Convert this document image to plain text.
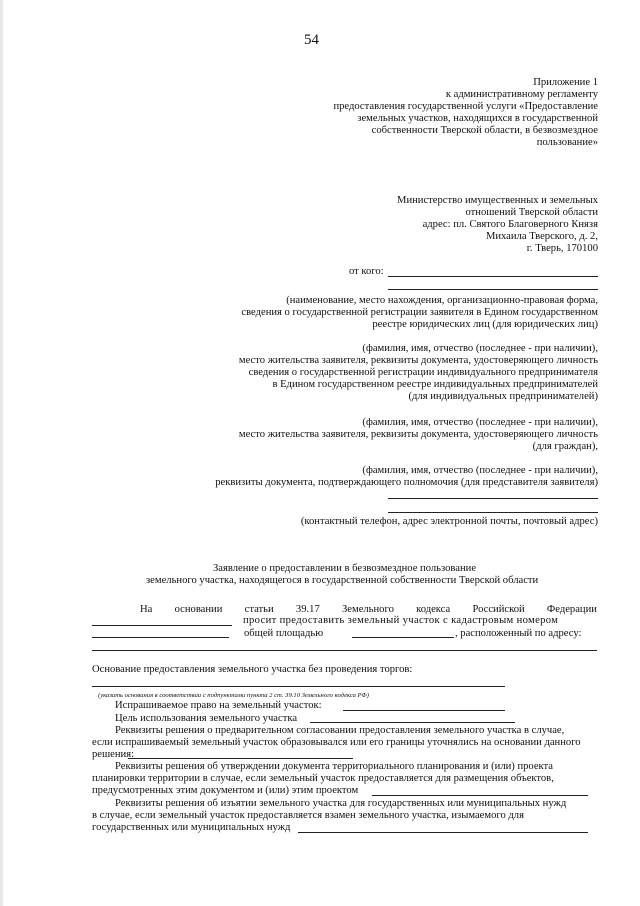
54
Приложение 1
к административному регламенту
предоставления государственной услуги «Предоставление
земельных участков, находящихся в государственной
собственности Тверской области, в безвозмездное
пользование»
Министерство имущественных и земельных
отношений Тверской области
адрес: пл. Святого Благоверного Князя
Михаила Тверского, д. 2,
г. Тверь, 170100
от кого:
(наименование, место нахождения, организационно-правовая форма,
сведения о государственной регистрации заявителя в Едином государственном
реестре юридических лиц (для юридических лиц)
(фамилия, имя, отчество (последнее - при наличии),
место жительства заявителя, реквизиты документа, удостоверяющего личность
сведения о государственной регистрации индивидуального предпринимателя
в Едином государственном реестре индивидуальных предпринимателей
(для индивидуальных предпринимателей)
(фамилия, имя, отчество (последнее - при наличии),
место жительства заявителя, реквизиты документа, удостоверяющего личность
(для граждан),
(фамилия, имя, отчество (последнее - при наличии),
реквизиты документа, подтверждающего полномочия (для представителя заявителя)
(контактный телефон, адрес электронной почты, почтовый адрес)
Заявление о предоставлении в безвозмездное пользование
земельного участка, находящегося в государственной собственности Тверской области
На основании статьи 39.17 Земельного кодекса Российской Федерации
просит предоставить земельный участок с кадастровым номером
общей площадью	, расположенный по адресу:
Основание предоставления земельного участка без проведения торгов:
(указать основания в соответствии с подпунктами пункта 2 ст. 39.10 Земельного кодекса РФ)
Испрашиваемое право на земельный участок:
Цель использования земельного участка
Реквизиты решения о предварительном согласовании предоставления земельного участка в случае,
если испрашиваемый земельный участок образовывался или его границы уточнялись на основании данного
решения:
Реквизиты решения об утверждении документа территориального планирования и (или) проекта
планировки территории в случае, если земельный участок предоставляется для размещения объектов,
предусмотренных этим документом и (или) этим проектом
Реквизиты решения об изъятии земельного участка для государственных или муниципальных нужд
в случае, если земельный участок предоставляется взамен земельного участка, изымаемого для
государственных или муниципальных нужд
